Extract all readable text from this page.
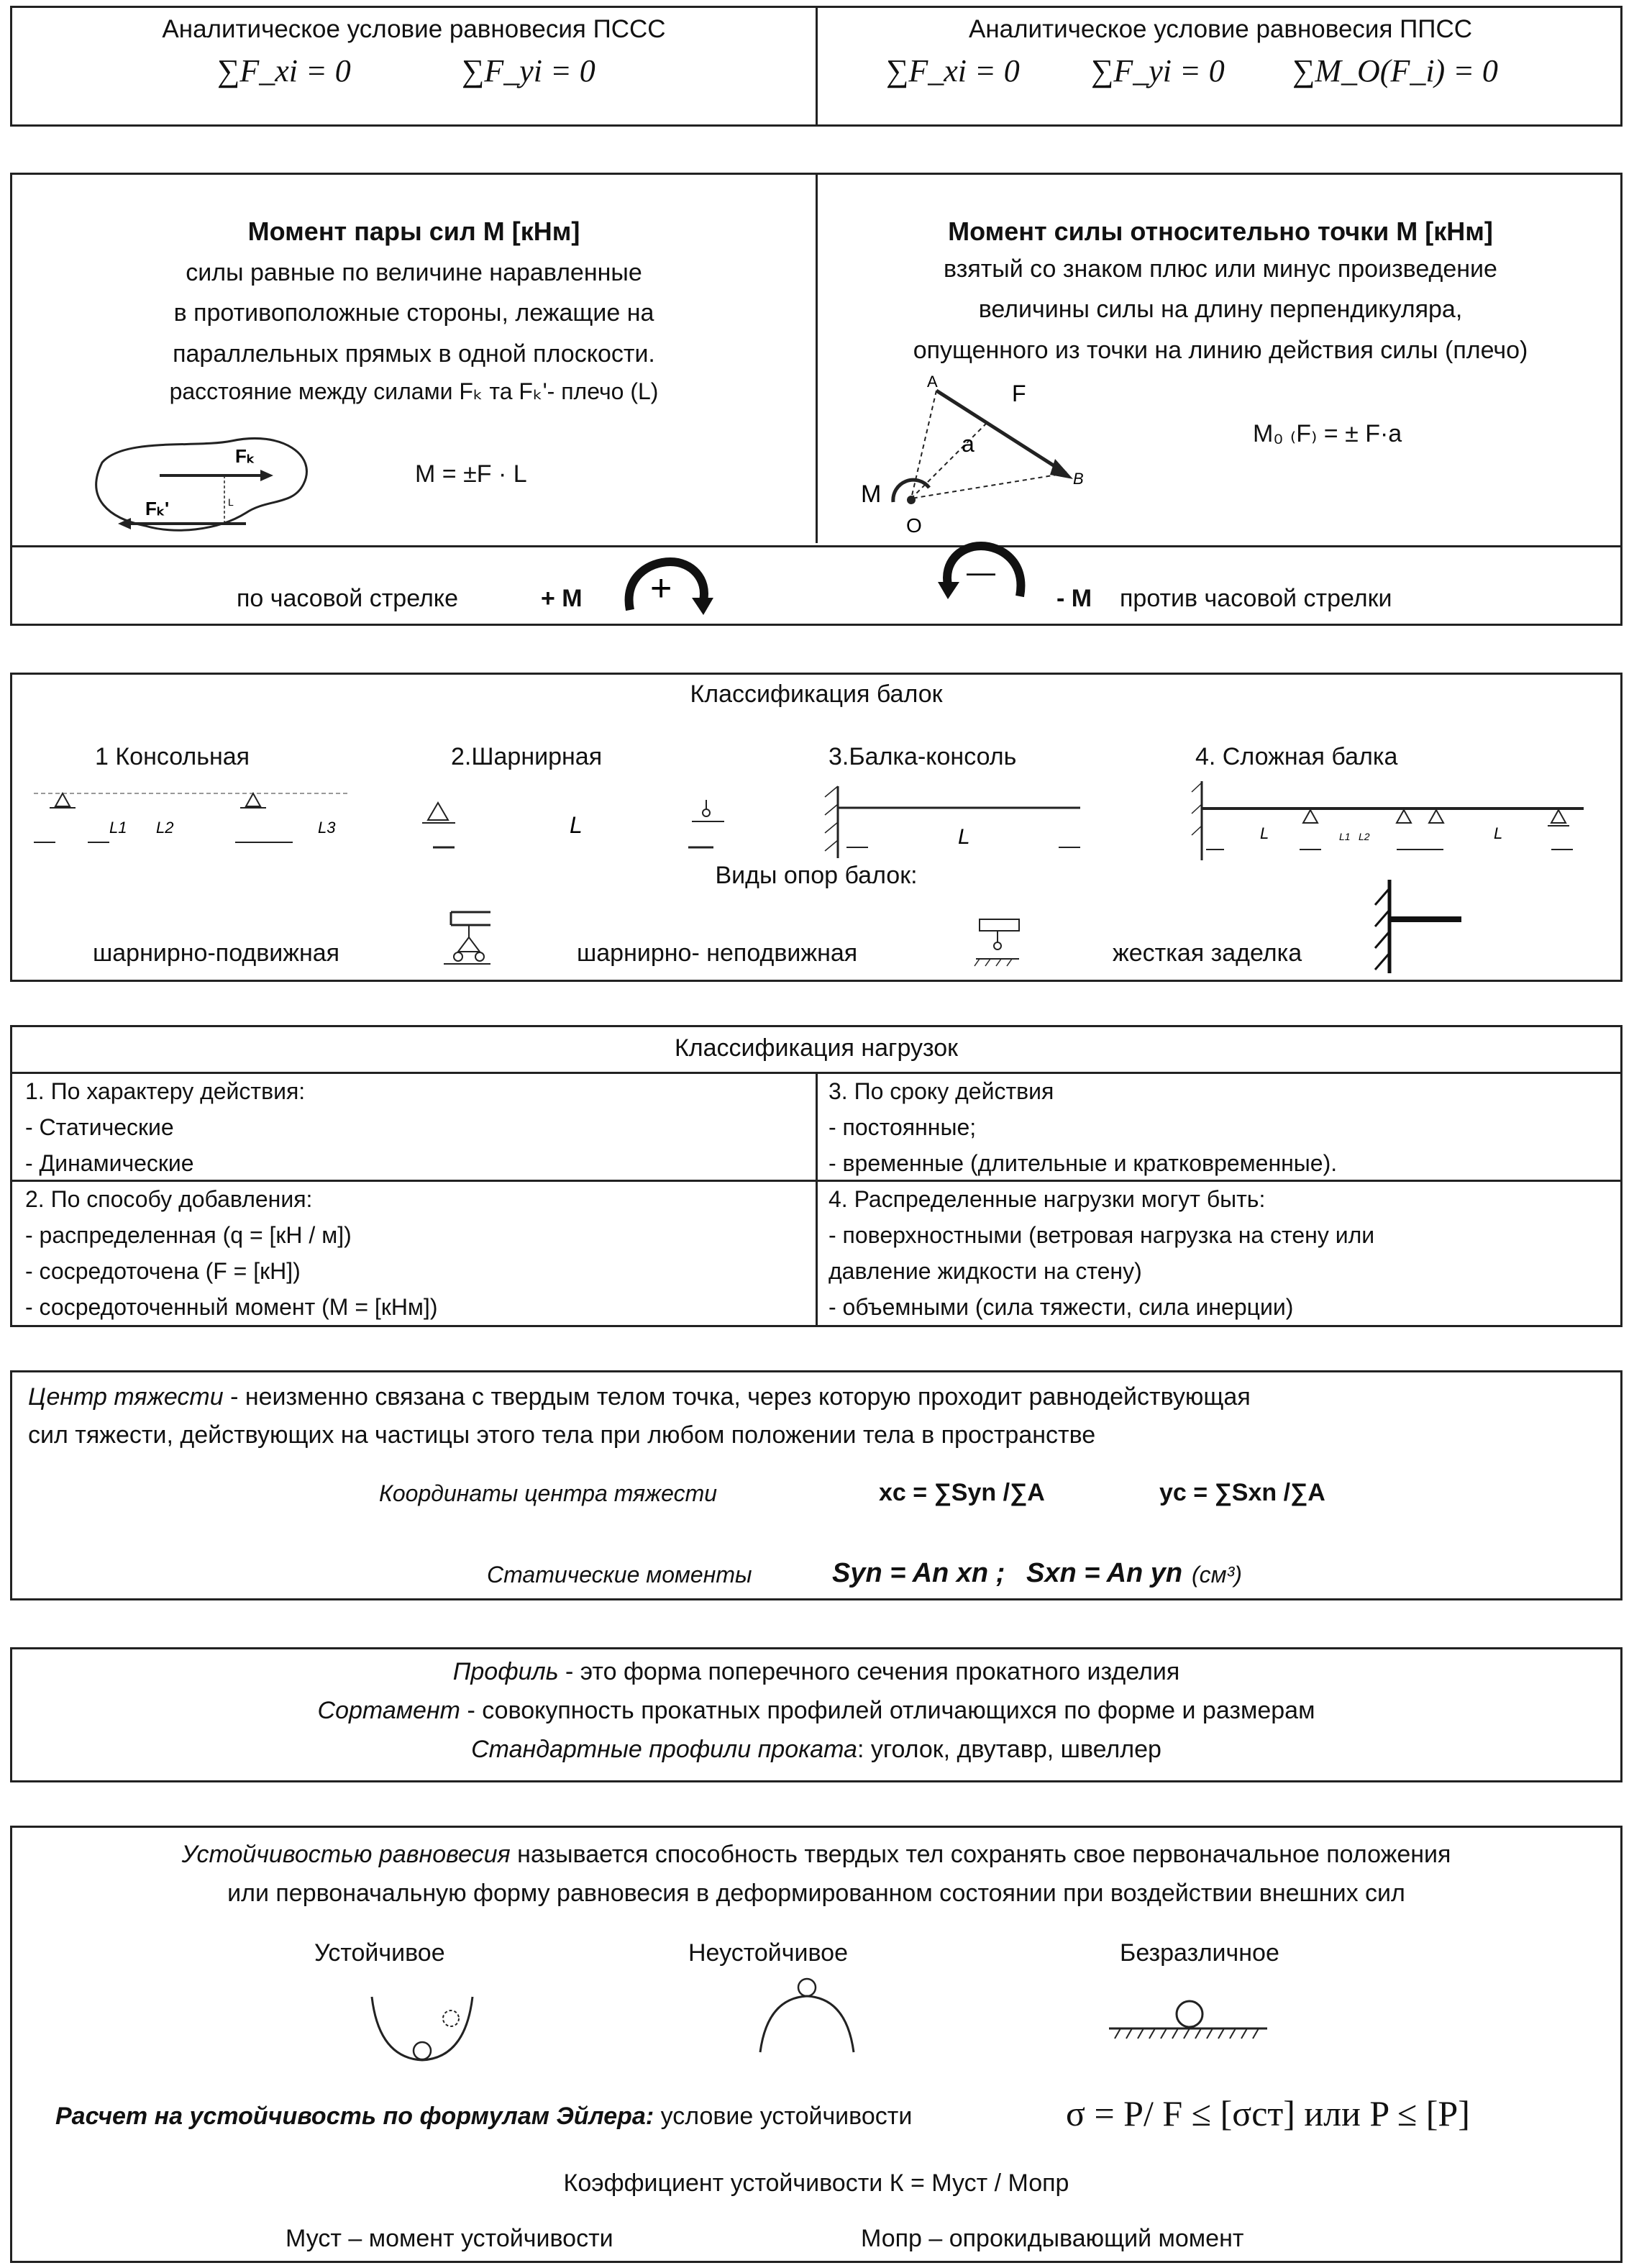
Аналитическое условие равновесия ПССС
∑F_xi = 0	∑F_yi = 0
Аналитическое условие равновесия ППСС
∑F_xi = 0 ∑F_yi = 0 ∑M_O(F_i) = 0
Момент пары сил М [кНм]
силы равные по величине наравленные
в противоположные стороны, лежащие на
параллельных прямых в одной плоскости.
расстояние между силами Fₖ та Fₖ'- плечо (L)
M = ±F · L
Fₖ
Fₖ'	L
Момент силы относительно точки М [кНм]
взятый со знаком плюс или минус произведение
величины силы на длину перпендикуляра,
опущенного из точки на линию действия силы (плечо)
M₀ ₍F₎ = ± F·a
A	F
a
B
M
O
по часовой стрелке	+ М +	—
- М против часовой стрелки
Классификация балок
1 Консольная	2.Шарнирная	3.Балка-консоль	4. Сложная балка
L1 L2	L3	L	L	L	L1 L2	L
Виды опор балок:
шарнирно-подвижная	шарнирно- неподвижная	жесткая заделка
Классификация нагрузок
1. По характеру действия:
- Статические
- Динамические
3. По сроку действия
- постоянные;
- временные (длительные и кратковременные).
2. По способу добавления:
- распределенная (q = [кН / м])
- сосредоточена (F = [кН])
- сосредоточенный момент (М = [кНм])
4. Распределенные нагрузки могут быть:
- поверхностными (ветровая нагрузка на стену или
давление жидкости на стену)
- объемными (сила тяжести, сила инерции)
Центр тяжести - неизменно связана с твердым телом точка, через которую проходит равнодействующая
сил тяжести, действующих на частицы этого тела при любом положении тела в пространстве
Координаты центра тяжести	xc = ∑Syn /∑A	yc = ∑Sxn /∑A
Статические моменты	Syn = An xn ; Sxn = An yn (см³)
Профиль - это форма поперечного сечения прокатного изделия
Сортамент - совокупность прокатных профилей отличающихся по форме и размерам
Стандартные профили проката: уголок, двутавр, швеллер
Устойчивостью равновесия называется способность твердых тел сохранять свое первоначальное положения
или первоначальную форму равновесия в деформированном состоянии при воздействии внешних сил
Устойчивое	Неустойчивое	Безразличное
Расчет на устойчивость по формулам Эйлера: условие устойчивости	σ = P/ F ≤ [σст] или P ≤ [P]
Коэффициент устойчивости К = Муст / Мопр
Муст – момент устойчивости	Мопр – опрокидывающий момент
